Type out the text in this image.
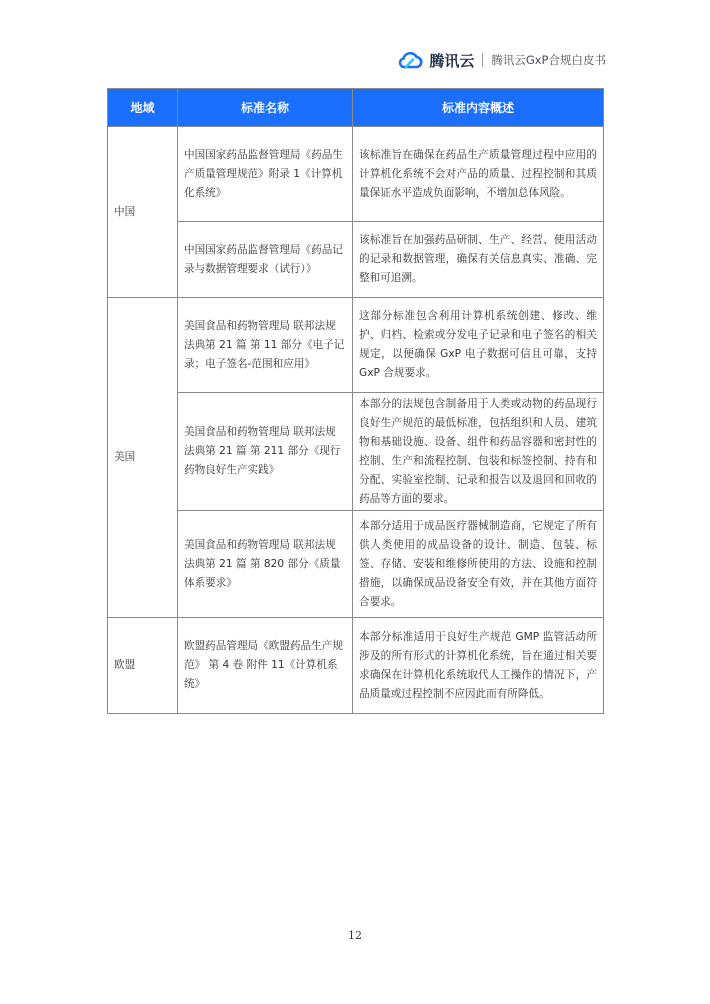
腾讯云 腾讯云GxP合规白皮书
地域	标准名称	标准内容概述
中国	中国国家药品监督管理局《药品生产质量管理规范》附录 1《计算机化系统》	该标准旨在确保在药品生产质量管理过程中应用的计算机化系统不会对产品的质量、过程控制和其质量保证水平造成负面影响，不增加总体风险。
	中国国家药品监督管理局《药品记录与数据管理要求（试行）》	该标准旨在加强药品研制、生产、经营、使用活动的记录和数据管理，确保有关信息真实、准确、完整和可追溯。
美国	美国食品和药物管理局 联邦法规法典第 21 篇 第 11 部分《电子记录；电子签名-范围和应用》	这部分标准包含利用计算机系统创建、修改、维护、归档、检索或分发电子记录和电子签名的相关规定，以便确保 GxP 电子数据可信且可靠，支持 GxP 合规要求。
	美国食品和药物管理局 联邦法规法典第 21 篇 第 211 部分《现行药物良好生产实践》	本部分的法规包含制备用于人类或动物的药品现行良好生产规范的最低标准，包括组织和人员、建筑物和基础设施、设备、组件和药品容器和密封性的控制、生产和流程控制、包装和标签控制、持有和分配、实验室控制、记录和报告以及退回和回收的药品等方面的要求。
	美国食品和药物管理局 联邦法规法典第 21 篇 第 820 部分《质量体系要求》	本部分适用于成品医疗器械制造商，它规定了所有供人类使用的成品设备的设计、制造、包装、标签、存储、安装和维修所使用的方法、设施和控制措施，以确保成品设备安全有效，并在其他方面符合要求。
欧盟	欧盟药品管理局《欧盟药品生产规范》 第 4 卷 附件 11《计算机系统》	本部分标准适用于良好生产规范 GMP 监管活动所涉及的所有形式的计算机化系统，旨在通过相关要求确保在计算机化系统取代人工操作的情况下，产品质量或过程控制不应因此而有所降低。
12
